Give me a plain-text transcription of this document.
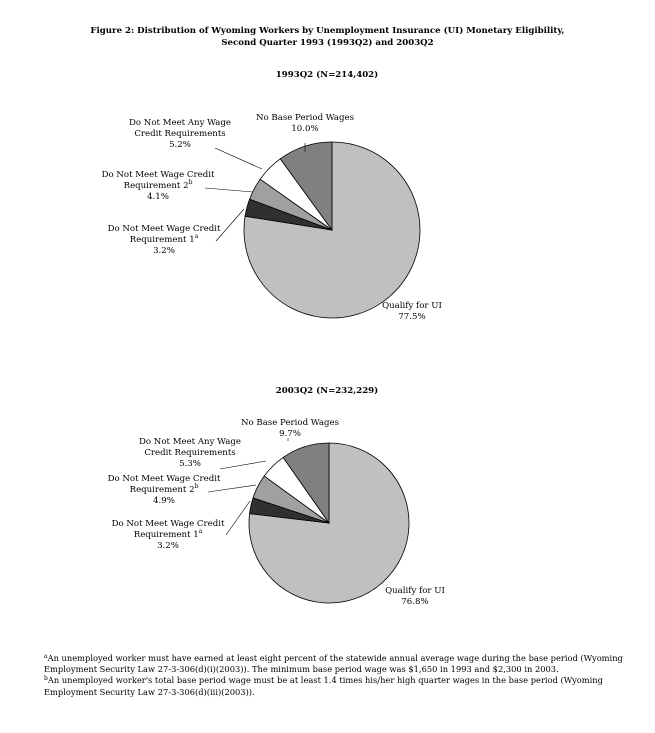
Figure 2: Distribution of Wyoming Workers by Unemployment Insurance (UI) Monetary Eligibility,
Second Quarter 1993 (1993Q2) and 2003Q2
1993Q2 (N=214,402)
Qualify for UI
77.5%
Do Not Meet Wage Credit
Requirement 1$^a$
3.2%
Do Not Meet Wage Credit
Requirement 2$^b$
4.1%
Do Not Meet Any Wage
Credit Requirements
5.2%
No Base Period Wages
10.0%
2003Q2 (N=232,229)
Qualify for UI
76.8%
Do Not Meet Wage Credit
Requirement 1$^a$
3.2%
Do Not Meet Wage Credit
Requirement 2$^b$
4.9%
Do Not Meet Any Wage
Credit Requirements
5.3%
No Base Period Wages
9.7%

$^a$An unemployed worker must have earned at least eight percent of the statewide annual average wage during the base period (Wyoming Employment Security Law 27-3-306(d)(i)(2003)). The minimum base period wage was $1,650 in 1993 and $2,300 in 2003.

$^b$An unemployed worker's total base period wage must be at least 1.4 times his/her high quarter wages in the base period (Wyoming Employment Security Law 27-3-306(d)(iii)(2003)).
